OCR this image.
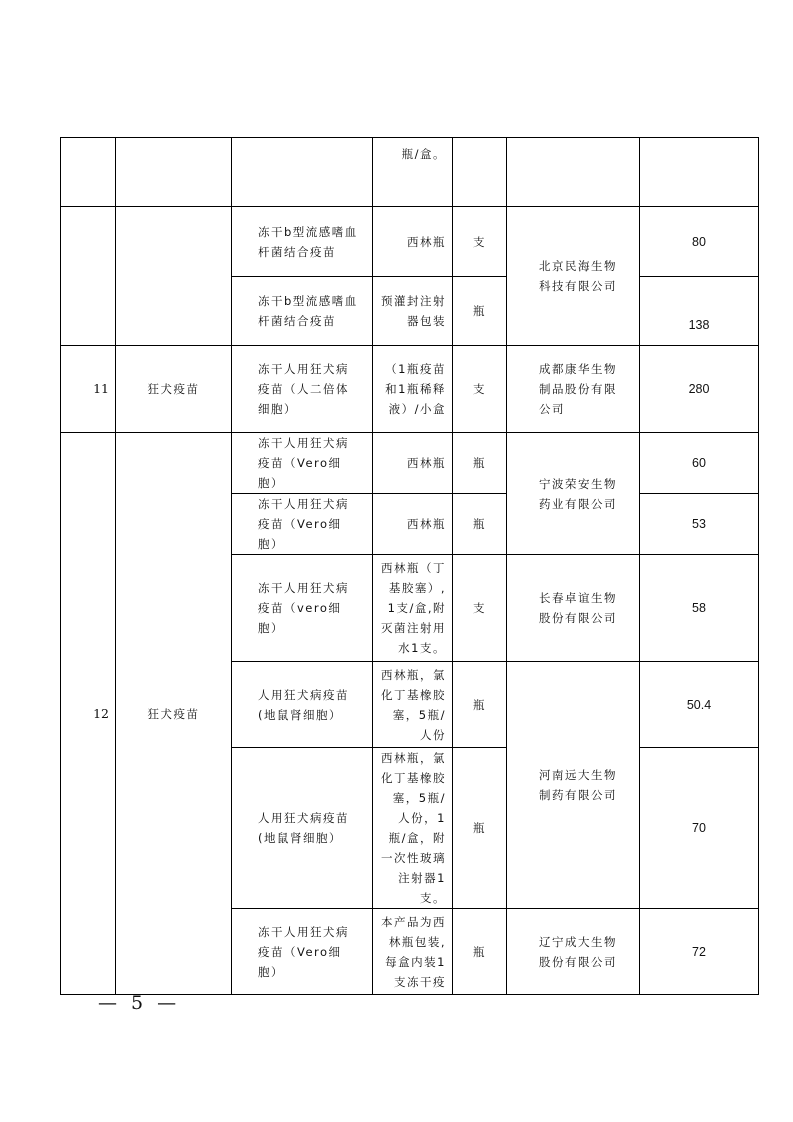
			瓶/盒。			
		冻干b型流感嗜血杆菌结合疫苗	西林瓶	支	北京民海生物科技有限公司	80
		冻干b型流感嗜血杆菌结合疫苗	预灌封注射器包装	瓶		138
11	狂犬疫苗	冻干人用狂犬病疫苗（人二倍体细胞）	（1瓶疫苗和1瓶稀释液）/小盒	支	成都康华生物制品股份有限公司	280
12	狂犬疫苗	冻干人用狂犬病疫苗（Vero细胞）	西林瓶	瓶	宁波荣安生物药业有限公司	60
		冻干人用狂犬病疫苗（Vero细胞）	西林瓶	瓶		53
		冻干人用狂犬病疫苗（vero细胞）	西林瓶（丁基胶塞）,1支/盒,附灭菌注射用水1支。	支	长春卓谊生物股份有限公司	58
		人用狂犬病疫苗(地鼠肾细胞）	西林瓶，氯化丁基橡胶塞，5瓶/人份	瓶	河南远大生物制药有限公司	50.4
		人用狂犬病疫苗(地鼠肾细胞）	西林瓶，氯化丁基橡胶塞，5瓶/人份，1瓶/盒，附一次性玻璃注射器1支。	瓶		70
		冻干人用狂犬病疫苗（Vero细胞）	本产品为西林瓶包装,每盒内装1支冻干疫	瓶	辽宁成大生物股份有限公司	72
— 5 —
